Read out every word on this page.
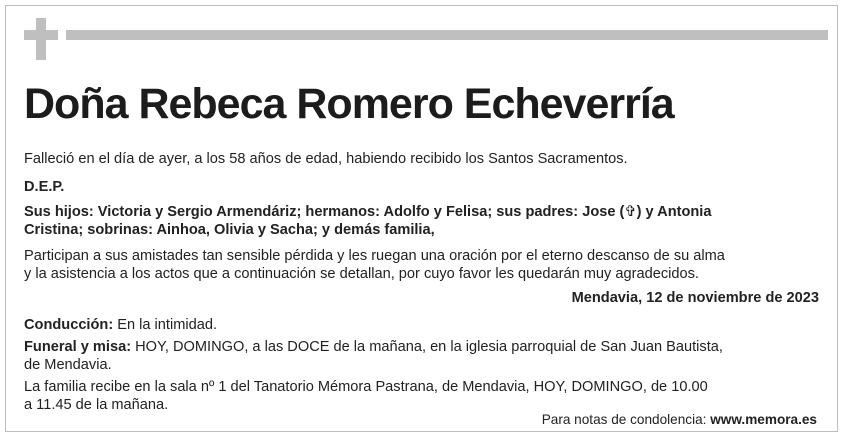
Doña Rebeca Romero Echeverría
Falleció en el día de ayer, a los 58 años de edad, habiendo recibido los Santos Sacramentos.
D.E.P.
Sus hijos: Victoria y Sergio Armendáriz; hermanos: Adolfo y Felisa; sus padres: Jose (✞) y Antonia
Cristina; sobrinas: Ainhoa, Olivia y Sacha; y demás familia,
Participan a sus amistades tan sensible pérdida y les ruegan una oración por el eterno descanso de su alma
y la asistencia a los actos que a continuación se detallan, por cuyo favor les quedarán muy agradecidos.
Mendavia, 12 de noviembre de 2023
Conducción: En la intimidad.
Funeral y misa: HOY, DOMINGO, a las DOCE de la mañana, en la iglesia parroquial de San Juan Bautista,
de Mendavia.
La familia recibe en la sala nº 1 del Tanatorio Mémora Pastrana, de Mendavia, HOY, DOMINGO, de 10.00
a 11.45 de la mañana.
Para notas de condolencia: www.memora.es
